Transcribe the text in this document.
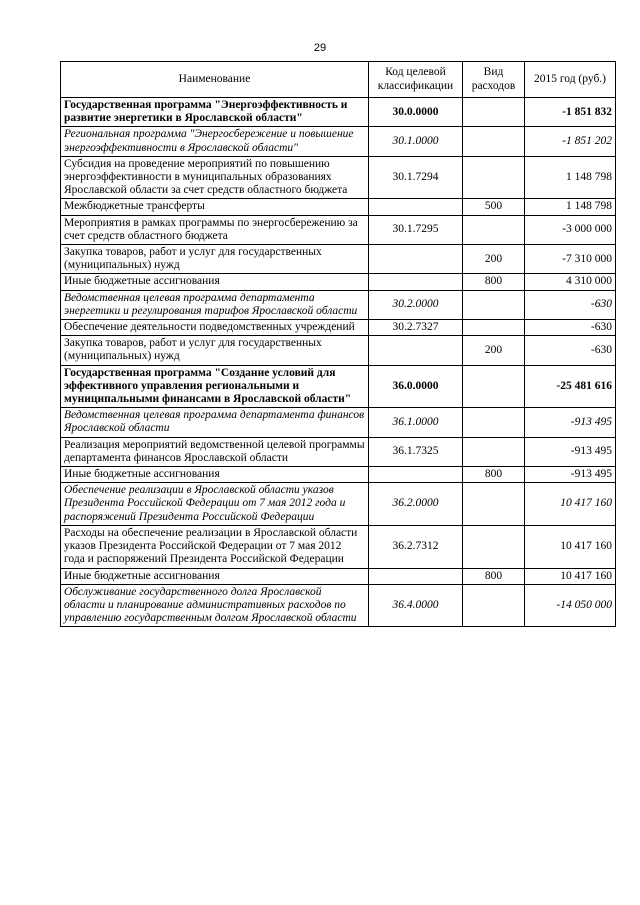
29
Наименование	Код целевой классификации	Вид расходов	2015 год (руб.)
Государственная программа "Энергоэффективность и развитие энергетики в Ярославской области"	30.0.0000		-1 851 832
Региональная программа "Энергосбережение и повышение энергоэффективности в Ярославской области"	30.1.0000		-1 851 202
Субсидия на проведение мероприятий по повышению энергоэффективности в муниципальных образованиях Ярославской области за счет средств областного бюджета	30.1.7294		1 148 798
Межбюджетные трансферты		500	1 148 798
Мероприятия в рамках программы по энергосбережению за счет средств областного бюджета	30.1.7295		-3 000 000
Закупка товаров, работ и услуг для государственных (муниципальных) нужд		200	-7 310 000
Иные бюджетные ассигнования		800	4 310 000
Ведомственная целевая программа департамента энергетики и регулирования тарифов Ярославской области	30.2.0000		-630
Обеспечение деятельности подведомственных учреждений	30.2.7327		-630
Закупка товаров, работ и услуг для государственных (муниципальных) нужд		200	-630
Государственная программа "Создание условий для эффективного управления региональными и муниципальными финансами в Ярославской области"	36.0.0000		-25 481 616
Ведомственная целевая программа департамента финансов Ярославской области	36.1.0000		-913 495
Реализация мероприятий ведомственной целевой программы департамента финансов Ярославской области	36.1.7325		-913 495
Иные бюджетные ассигнования		800	-913 495
Обеспечение реализации в Ярославской области указов Президента Российской Федерации от 7 мая 2012 года и распоряжений Президента Российской Федерации	36.2.0000		10 417 160
Расходы на обеспечение реализации в Ярославской области указов Президента Российской Федерации от 7 мая 2012 года и распоряжений Президента Российской Федерации	36.2.7312		10 417 160
Иные бюджетные ассигнования		800	10 417 160
Обслуживание государственного долга Ярославской области и планирование административных расходов по управлению государственным долгом Ярославской области	36.4.0000		-14 050 000
